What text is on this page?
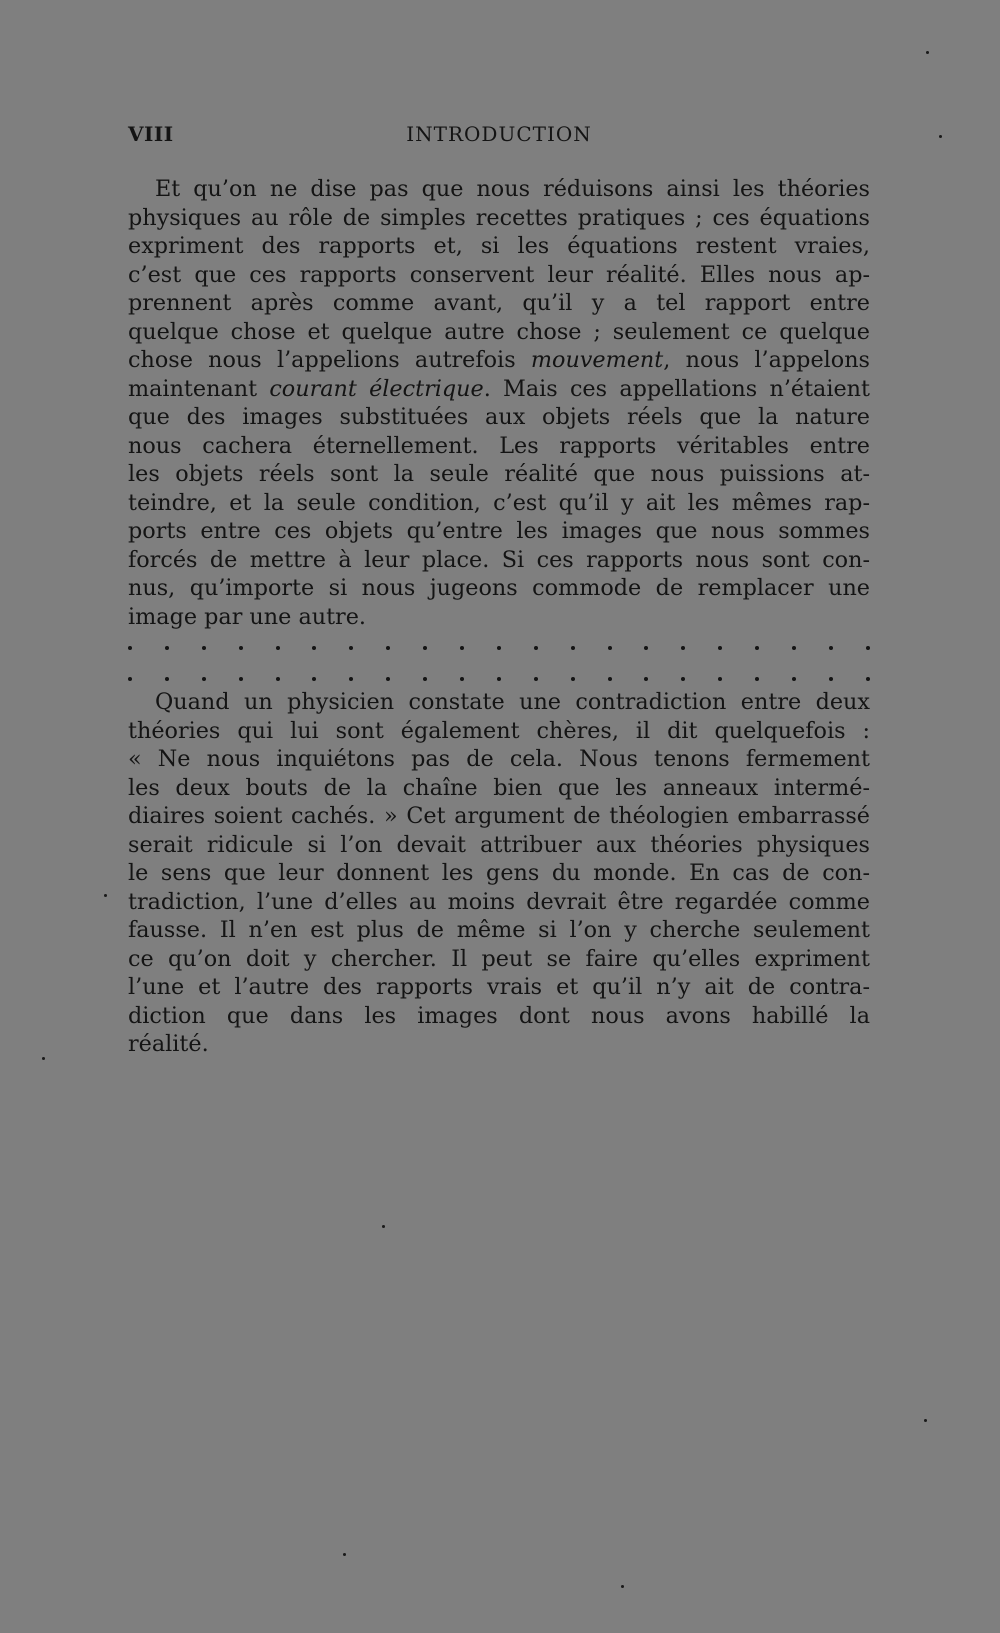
VIII	INTRODUCTION
Et qu’on ne dise pas que nous réduisons ainsi les théories
physiques au rôle de simples recettes pratiques ; ces équations
expriment des rapports et, si les équations restent vraies,
c’est que ces rapports conservent leur réalité. Elles nous ap-
prennent après comme avant, qu’il y a tel rapport entre
quelque chose et quelque autre chose ; seulement ce quelque
chose nous l’appelions autrefois mouvement, nous l’appelons
maintenant courant électrique. Mais ces appellations n’étaient
que des images substituées aux objets réels que la nature
nous cachera éternellement. Les rapports véritables entre
les objets réels sont la seule réalité que nous puissions at-
teindre, et la seule condition, c’est qu’il y ait les mêmes rap-
ports entre ces objets qu’entre les images que nous sommes
forcés de mettre à leur place. Si ces rapports nous sont con-
nus, qu’importe si nous jugeons commode de remplacer une
image par une autre.
Quand un physicien constate une contradiction entre deux
théories qui lui sont également chères, il dit quelquefois :
« Ne nous inquiétons pas de cela. Nous tenons fermement
les deux bouts de la chaîne bien que les anneaux intermé-
diaires soient cachés. » Cet argument de théologien embarrassé
serait ridicule si l’on devait attribuer aux théories physiques
le sens que leur donnent les gens du monde. En cas de con-
tradiction, l’une d’elles au moins devrait être regardée comme
fausse. Il n’en est plus de même si l’on y cherche seulement
ce qu’on doit y chercher. Il peut se faire qu’elles expriment
l’une et l’autre des rapports vrais et qu’il n’y ait de contra-
diction que dans les images dont nous avons habillé la
réalité.
